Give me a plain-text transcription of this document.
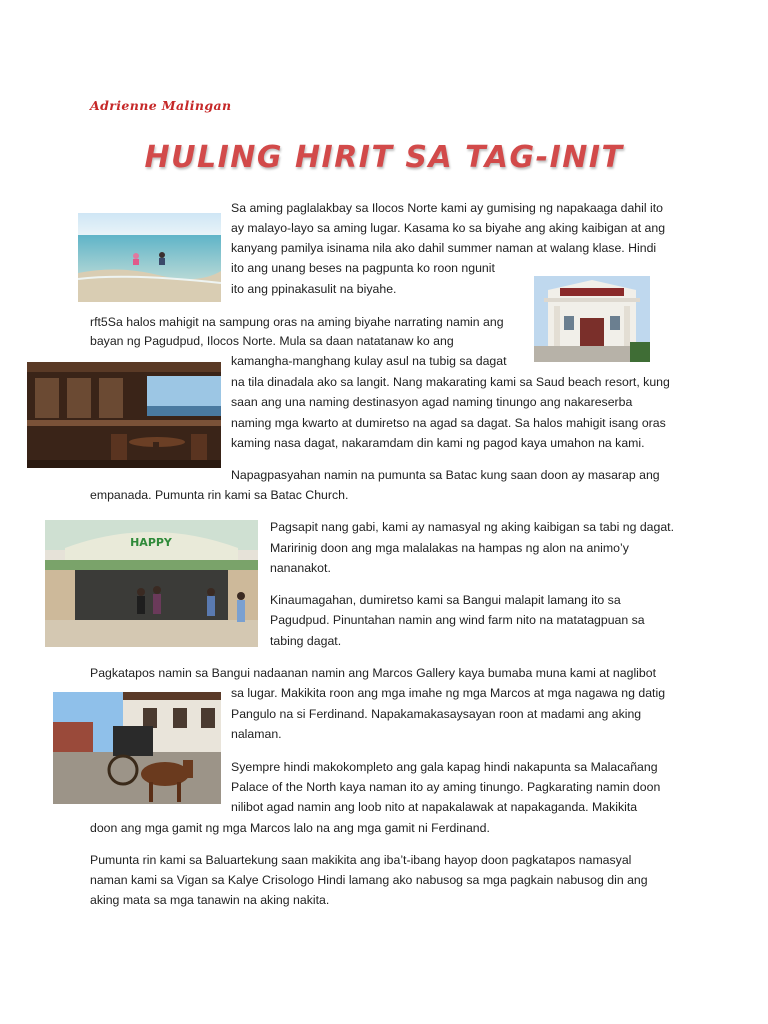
Adrienne Malingan
HULING HIRIT SA TAG-INIT
HAPPY
Sa aming paglalakbay sa Ilocos Norte kami ay gumising ng napakaaga dahil ito
ay malayo-layo sa aming lugar. Kasama ko sa biyahe ang aking kaibigan at ang
kanyang pamilya isinama nila ako dahil summer naman at walang klase. Hindi
ito ang unang beses na pagpunta ko roon ngunit
ito ang ppinakasulit na biyahe.
rft5Sa halos mahigit na sampung oras na aming biyahe narrating namin ang
bayan ng Pagudpud, Ilocos Norte. Mula sa daan natatanaw ko ang
kamangha-manghang kulay asul na tubig sa dagat
na tila dinadala ako sa langit. Nang makarating kami sa Saud beach resort, kung
saan ang una naming destinasyon agad naming tinungo ang nakareserba
naming mga kwarto at dumiretso na agad sa dagat. Sa halos mahigit isang oras
kaming nasa dagat, nakaramdam din kami ng pagod kaya umahon na kami.
Napagpasyahan namin na pumunta sa Batac kung saan doon ay masarap ang
empanada. Pumunta rin kami sa Batac Church.
Pagsapit nang gabi, kami ay namasyal ng aking kaibigan sa tabi ng dagat.
Maririnig doon ang mga malalakas na hampas ng alon na animo’y
nananakot.
Kinaumagahan, dumiretso kami sa Bangui malapit lamang ito sa
Pagudpud. Pinuntahan namin ang wind farm nito na matatagpuan sa
tabing dagat.
Pagkatapos namin sa Bangui nadaanan namin ang Marcos Gallery kaya bumaba muna kami at naglibot
sa lugar. Makikita roon ang mga imahe ng mga Marcos at mga nagawa ng datig
Pangulo na si Ferdinand. Napakamakasaysayan roon at madami ang aking
nalaman.
Syempre hindi makokompleto ang gala kapag hindi nakapunta sa Malacañang
Palace of the North kaya naman ito ay aming tinungo. Pagkarating namin doon
nilibot agad namin ang loob nito at napakalawak at napakaganda. Makikita
doon ang mga gamit ng mga Marcos lalo na ang mga gamit ni Ferdinand.
Pumunta rin kami sa Baluartekung saan makikita ang iba’t-ibang hayop doon pagkatapos namasyal
naman kami sa Vigan sa Kalye Crisologo Hindi lamang ako nabusog sa mga pagkain nabusog din ang
aking mata sa mga tanawin na aking nakita.
